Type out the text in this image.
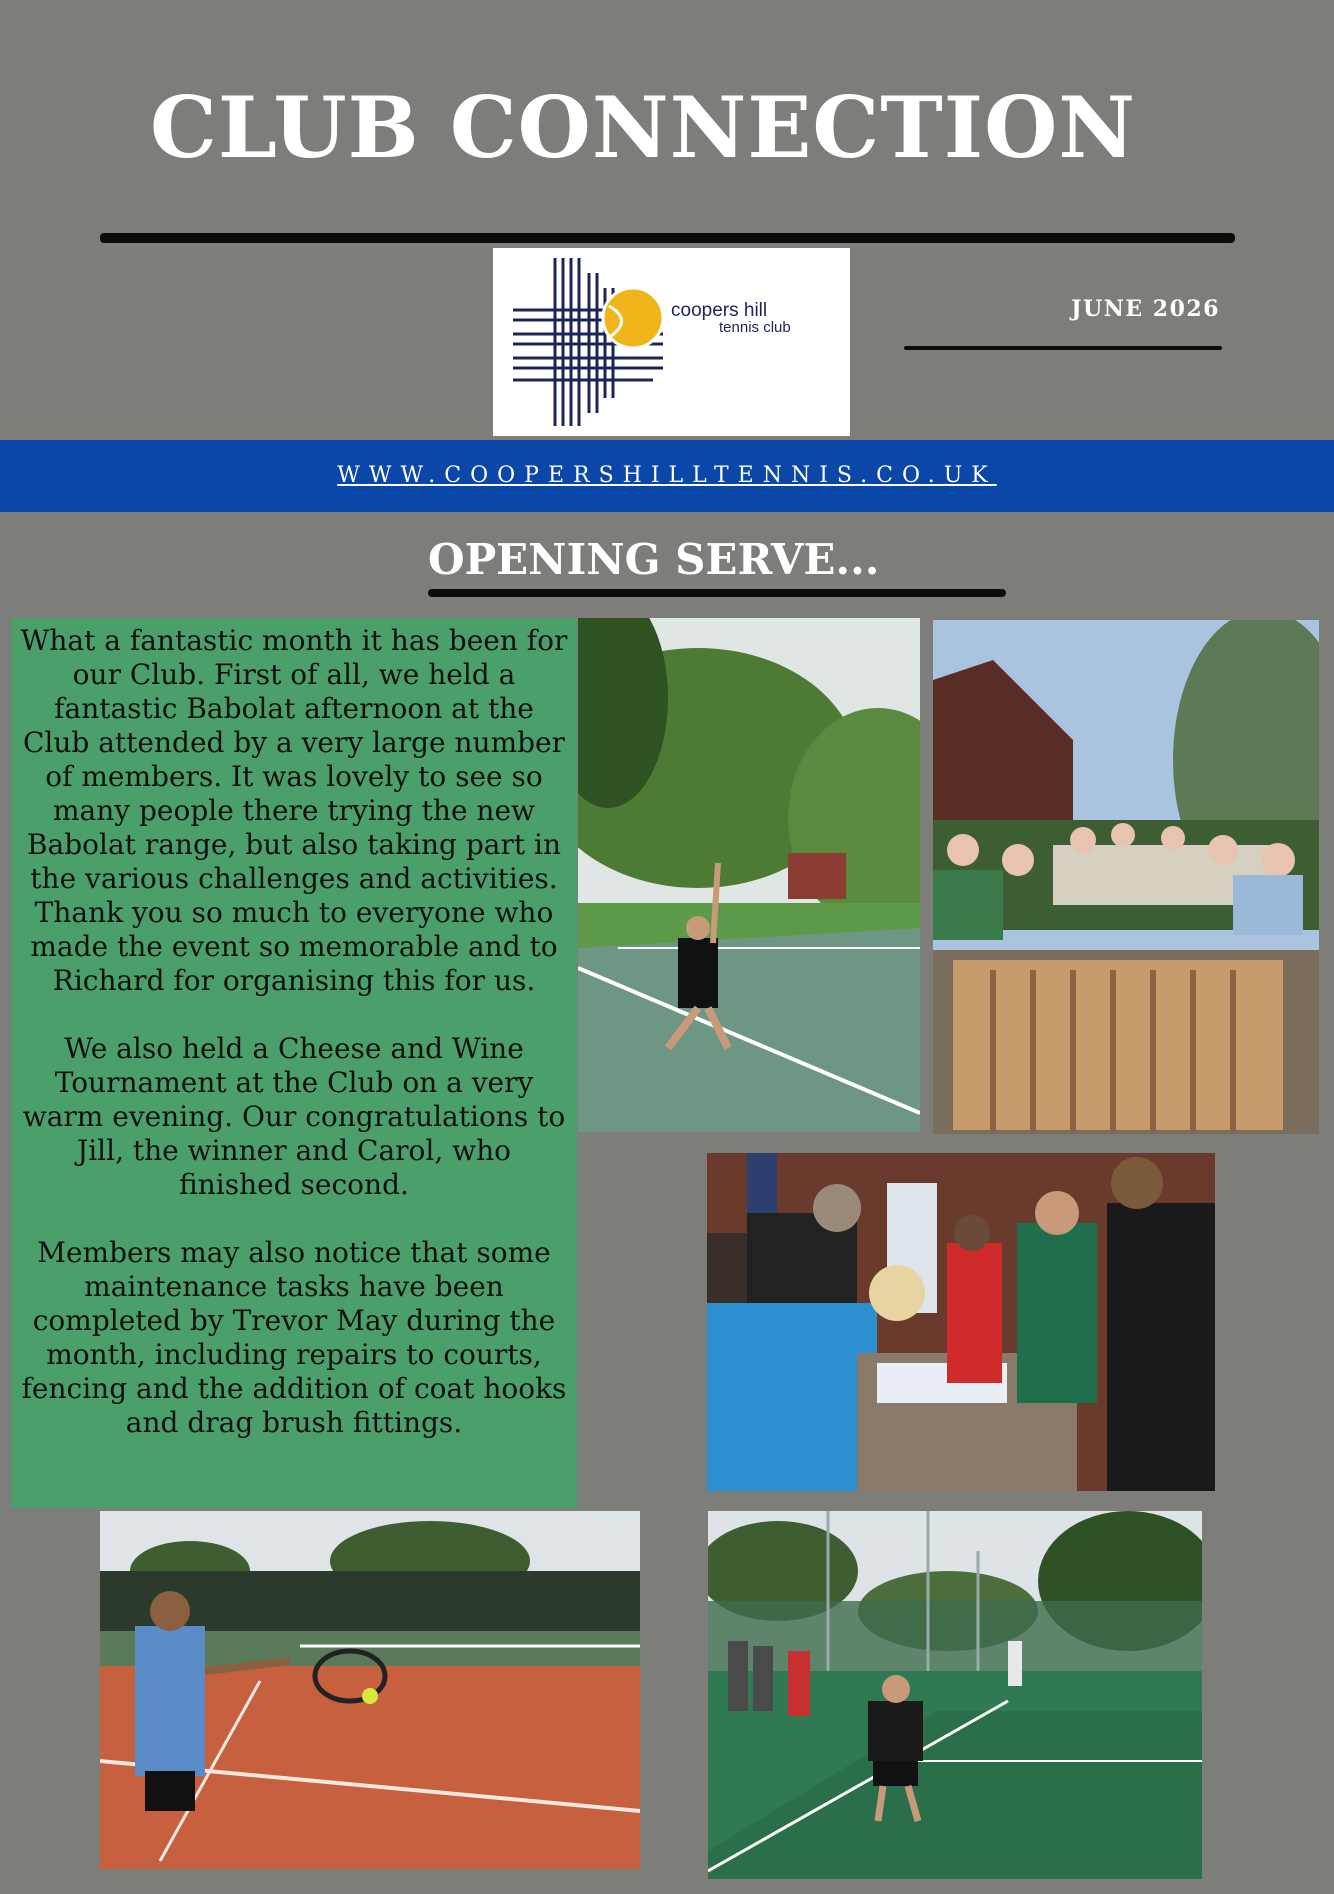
CLUB CONNECTION
coopers hill
tennis club
JUNE 2026
WWW.COOPERSHILLTENNIS.CO.UK
OPENING SERVE...

What a fantastic month it has been for our Club. First of all, we held a fantastic Babolat afternoon at the Club attended by a very large number of members. It was lovely to see so many people there trying the new Babolat range, but also taking part in the various challenges and activities. Thank you so much to everyone who made the event so memorable and to Richard for organising this for us.

We also held a Cheese and Wine Tournament at the Club on a very warm evening. Our congratulations to Jill, the winner and Carol, who finished second.

Members may also notice that some maintenance tasks have been completed by Trevor May during the month, including repairs to courts, fencing and the addition of coat hooks and drag brush fittings.
